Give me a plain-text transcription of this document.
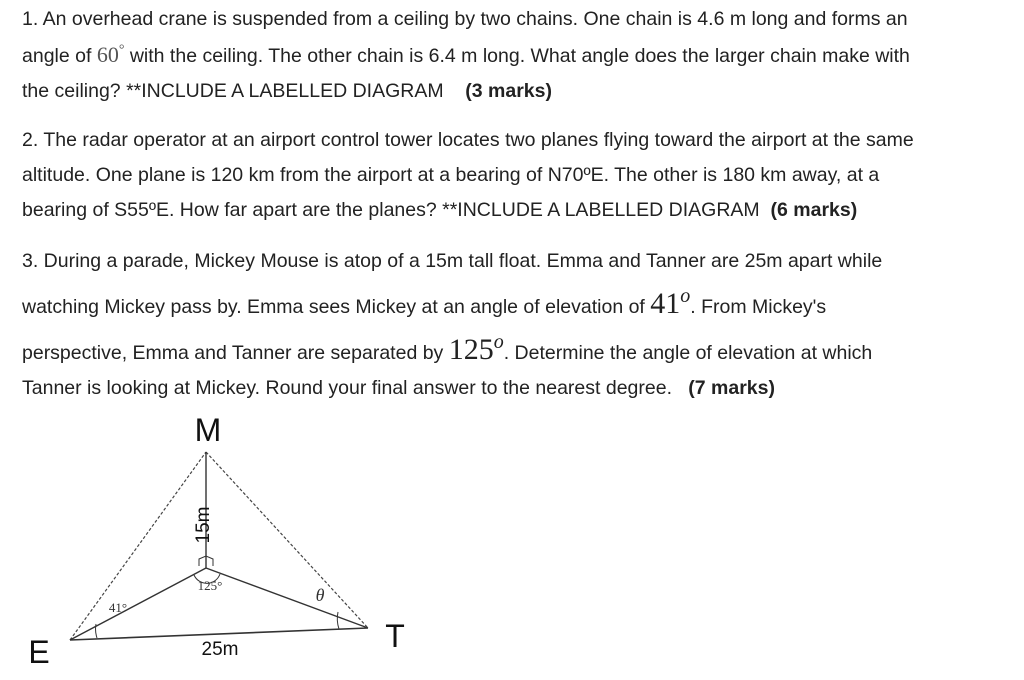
1. An overhead crane is suspended from a ceiling by two chains. One chain is 4.6 m long and forms an
angle of 60° with the ceiling. The other chain is 6.4 m long. What angle does the larger chain make with
the ceiling? **INCLUDE A LABELLED DIAGRAM (3 marks)
2. The radar operator at an airport control tower locates two planes flying toward the airport at the same
altitude. One plane is 120 km from the airport at a bearing of N70ºE. The other is 180 km away, at a
bearing of S55ºE. How far apart are the planes? **INCLUDE A LABELLED DIAGRAM (6 marks)
3. During a parade, Mickey Mouse is atop of a 15m tall float. Emma and Tanner are 25m apart while
watching Mickey pass by. Emma sees Mickey at an angle of elevation of 41$^o$. From Mickey's
perspective, Emma and Tanner are separated by 125$^o$. Determine the angle of elevation at which
Tanner is looking at Mickey. Round your final answer to the nearest degree. (7 marks)
M
E	T
15m
25m
41°
125°	θ
